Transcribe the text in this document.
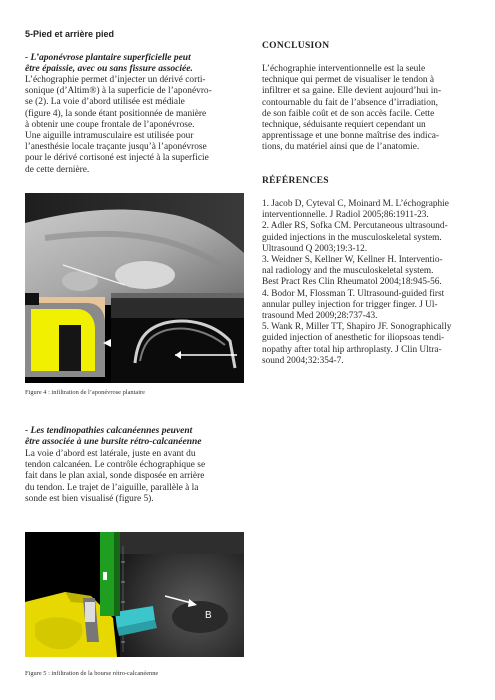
5-Pied et arrière pied
- L’aponévrose plantaire superficielle peut
être épaissie, avec ou sans fissure associée.
L’échographie permet d’injecter un dérivé corti-
sonique (d’Altim®) à la superficie de l’aponévro-
se (2). La voie d’abord utilisée est médiale
(figure 4), la sonde étant positionnée de manière
à obtenir une coupe frontale de l’aponévrose.
Une aiguille intramusculaire est utilisée pour
l’anesthésie locale traçante jusqu’à l’aponévrose
pour le dérivé cortisoné est injecté à la superficie
de cette dernière.
Figure 4 : infiltration de l’aponévrose plantaire
- Les tendinopathies calcanéennes peuvent
être associée à une bursite rétro-calcanéenne
La voie d’abord est latérale, juste en avant du
tendon calcanéen. Le contrôle échographique se
fait dans le plan axial, sonde disposée en arrière
du tendon. Le trajet de l’aiguille, parallèle à la
sonde est bien visualisé (figure 5).
B
Figure 5 : infiltration de la bourse rétro-calcanéenne
CONCLUSION
L’échographie interventionnelle est la seule
technique qui permet de visualiser le tendon à
infiltrer et sa gaine. Elle devient aujourd’hui in-
contournable du fait de l’absence d’irradiation,
de son faible coût et de son accès facile. Cette
technique, séduisante requiert cependant un
apprentissage et une bonne maîtrise des indica-
tions, du matériel ainsi que de l’anatomie.
RÉFÉRENCES
1. Jacob D, Cyteval C, Moinard M. L’échographie
interventionnelle. J Radiol 2005;86:1911-23.
2. Adler RS, Sofka CM. Percutaneous ultrasound-
guided injections in the musculoskeletal system.
Ultrasound Q 2003;19:3-12.
3. Weidner S, Kellner W, Kellner H. Interventio-
nal radiology and the musculoskeletal system.
Best Pract Res Clin Rheumatol 2004;18:945-56.
4. Bodor M, Flossman T. Ultrasound-guided first
annular pulley injection for trigger finger. J Ul-
trasound Med 2009;28:737-43.
5. Wank R, Miller TT, Shapiro JF. Sonographically
guided injection of anesthetic for iliopsoas tendi-
nopathy after total hip arthroplasty. J Clin Ultra-
sound 2004;32:354-7.
